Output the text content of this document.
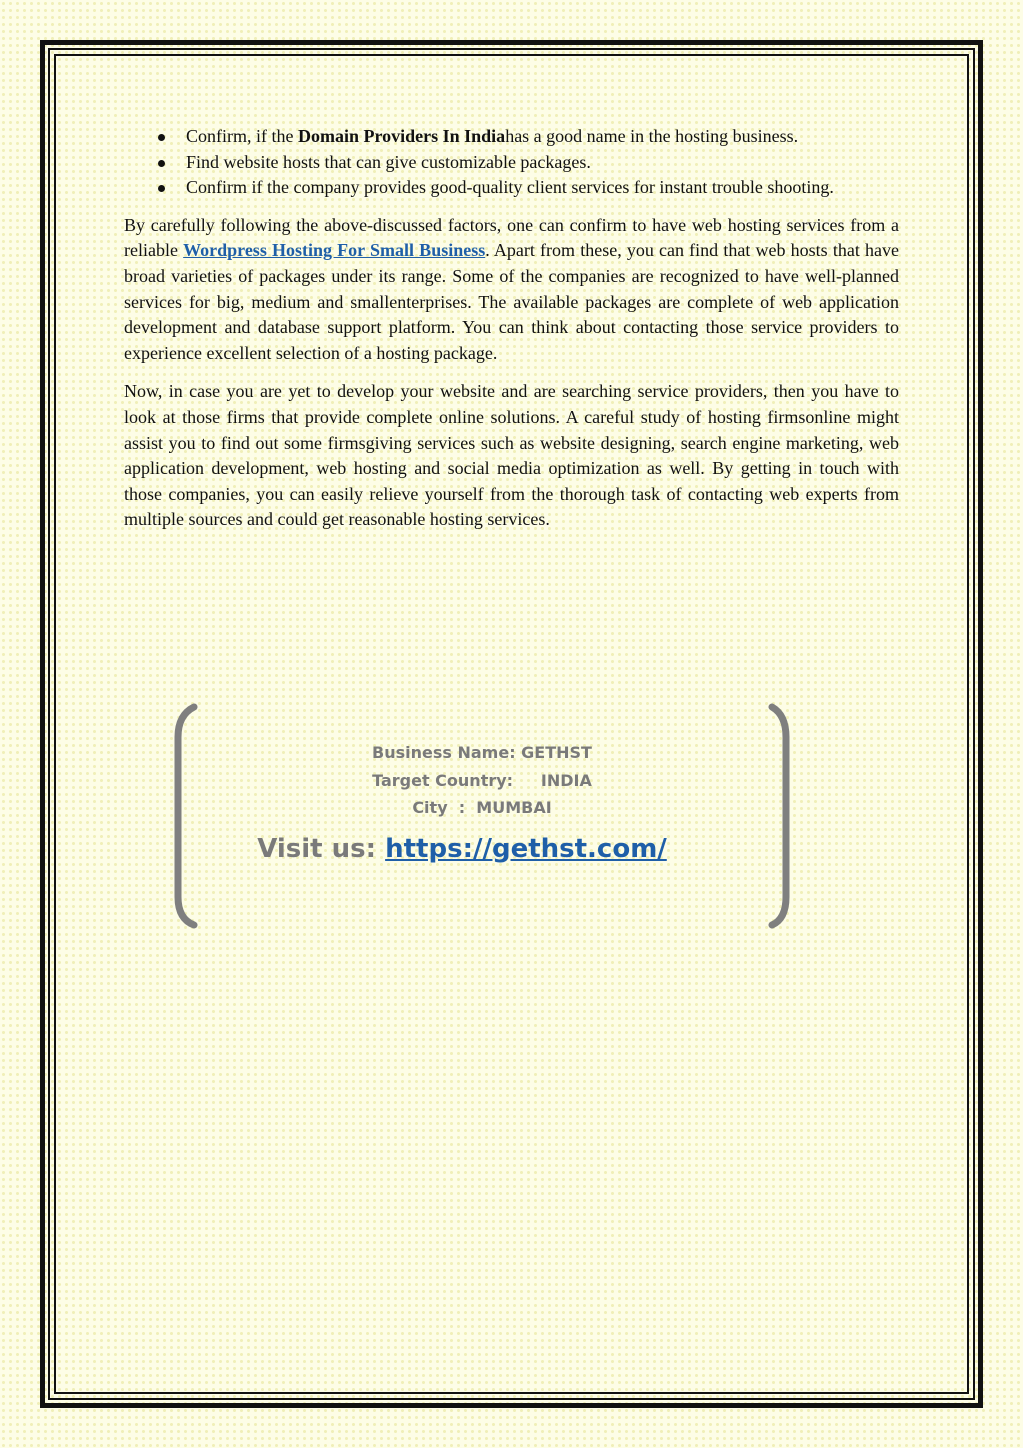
Confirm, if the Domain Providers In Indiahas a good name in the hosting business.
Find website hosts that can give customizable packages.
Confirm if the company provides good-quality client services for instant trouble shooting.

By carefully following the above-discussed factors, one can confirm to have web hosting services from a reliable Wordpress Hosting For Small Business. Apart from these, you can find that web hosts that have broad varieties of packages under its range. Some of the companies are recognized to have well-planned services for big, medium and smallenterprises. The available packages are complete of web application development and database support platform. You can think about contacting those service providers to experience excellent selection of a hosting package.

Now, in case you are yet to develop your website and are searching service providers, then you have to look at those firms that provide complete online solutions. A careful study of hosting firmsonline might assist you to find out some firmsgiving services such as website designing, search engine marketing, web application development, web hosting and social media optimization as well. By getting in touch with those companies, you can easily relieve yourself from the thorough task of contacting web experts from multiple sources and could get reasonable hosting services.

Business Name: GETHST
Target Country:     INDIA
City  :  MUMBAI
Visit us: https://gethst.com/
